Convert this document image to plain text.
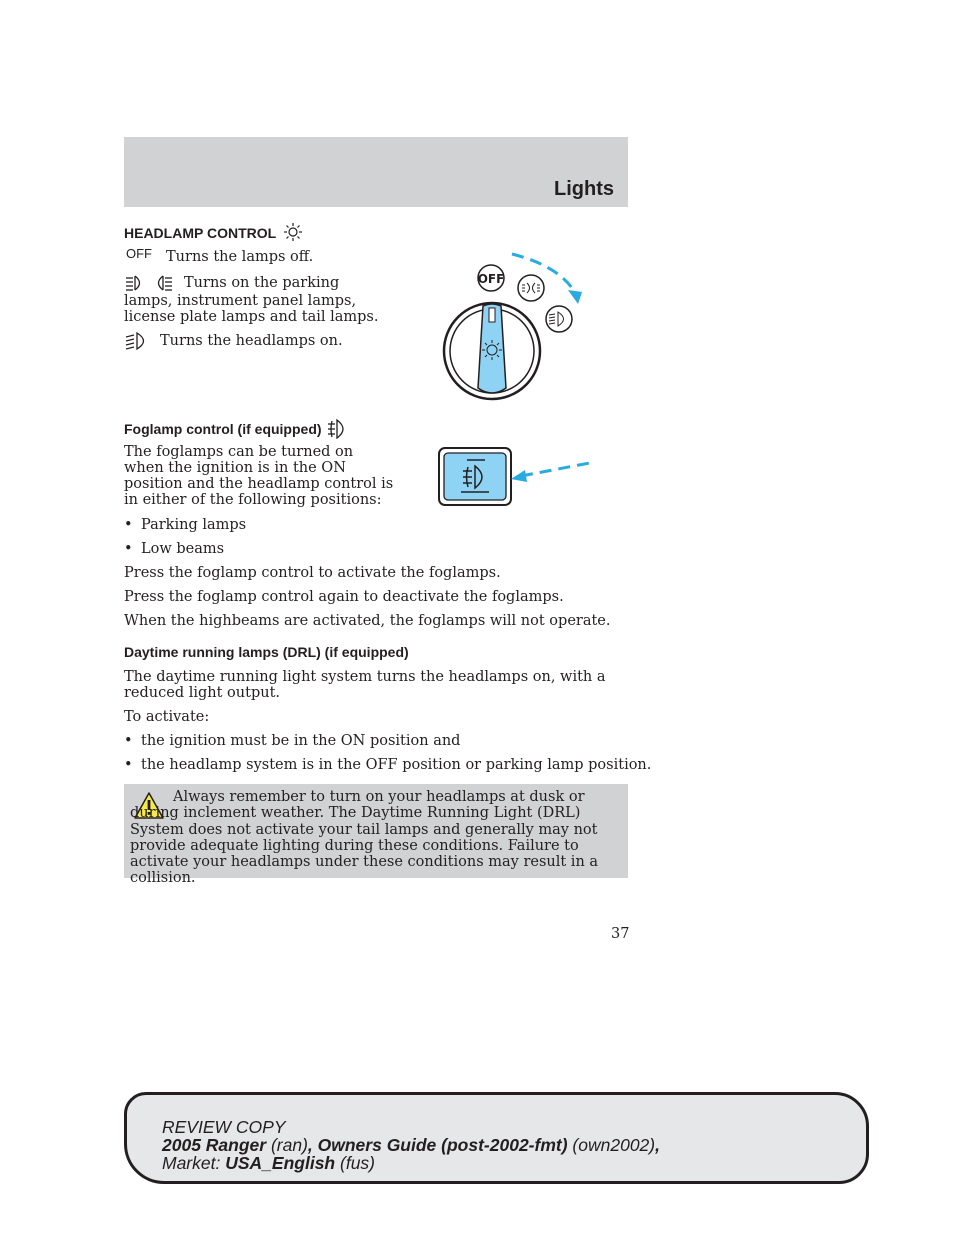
Lights
HEADLAMP CONTROL
OFF Turns the lamps off.
Turns on the parking
lamps, instrument panel lamps,
license plate lamps and tail lamps.
Turns the headlamps on.
OFF
Foglamp control (if equipped)
The foglamps can be turned on
when the ignition is in the ON
position and the headlamp control is
in either of the following positions:
• Parking lamps
• Low beams
Press the foglamp control to activate the foglamps.
Press the foglamp control again to deactivate the foglamps.
When the highbeams are activated, the foglamps will not operate.
Daytime running lamps (DRL) (if equipped)
The daytime running light system turns the headlamps on, with a
reduced light output.
To activate:
• the ignition must be in the ON position and
• the headlamp system is in the OFF position or parking lamp position.
Always remember to turn on your headlamps at dusk or during inclement weather. The Daytime Running Light (DRL) System does not activate your tail lamps and generally may not provide adequate lighting during these conditions. Failure to activate your headlamps under these conditions may result in a collision.
37
REVIEW COPY
2005 Ranger (ran), Owners Guide (post-2002-fmt) (own2002),
Market: USA_English (fus)
